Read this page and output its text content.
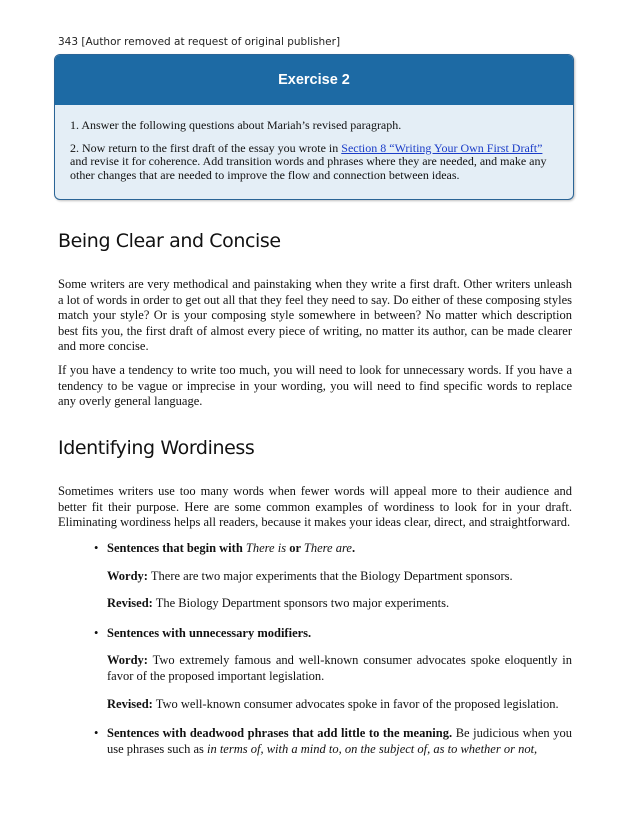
343 [Author removed at request of original publisher]
Exercise 2

1. Answer the following questions about Mariah’s revised paragraph.

2. Now return to the first draft of the essay you wrote in Section 8 “Writing Your Own First Draft” and revise it for coherence. Add transition words and phrases where they are needed, and make any other changes that are needed to improve the flow and connection between ideas.

Being Clear and Concise

Some writers are very methodical and painstaking when they write a first draft. Other writers unleash a lot of words in order to get out all that they feel they need to say. Do either of these composing styles match your style? Or is your composing style somewhere in between? No matter which description best fits you, the first draft of almost every piece of writing, no matter its author, can be made clearer and more concise.

If you have a tendency to write too much, you will need to look for unnecessary words. If you have a tendency to be vague or imprecise in your wording, you will need to find specific words to replace any overly general language.

Identifying Wordiness

Sometimes writers use too many words when fewer words will appeal more to their audience and better fit their purpose. Here are some common examples of wordiness to look for in your draft. Eliminating wordiness helps all readers, because it makes your ideas clear, direct, and straightforward.

• Sentences that begin with There is or There are.

Wordy: There are two major experiments that the Biology Department sponsors.

Revised: The Biology Department sponsors two major experiments.

• Sentences with unnecessary modifiers.

Wordy: Two extremely famous and well-known consumer advocates spoke eloquently in favor of the proposed important legislation.

Revised: Two well-known consumer advocates spoke in favor of the proposed legislation.

• Sentences with deadwood phrases that add little to the meaning. Be judicious when you use phrases such as in terms of, with a mind to, on the subject of, as to whether or not,
